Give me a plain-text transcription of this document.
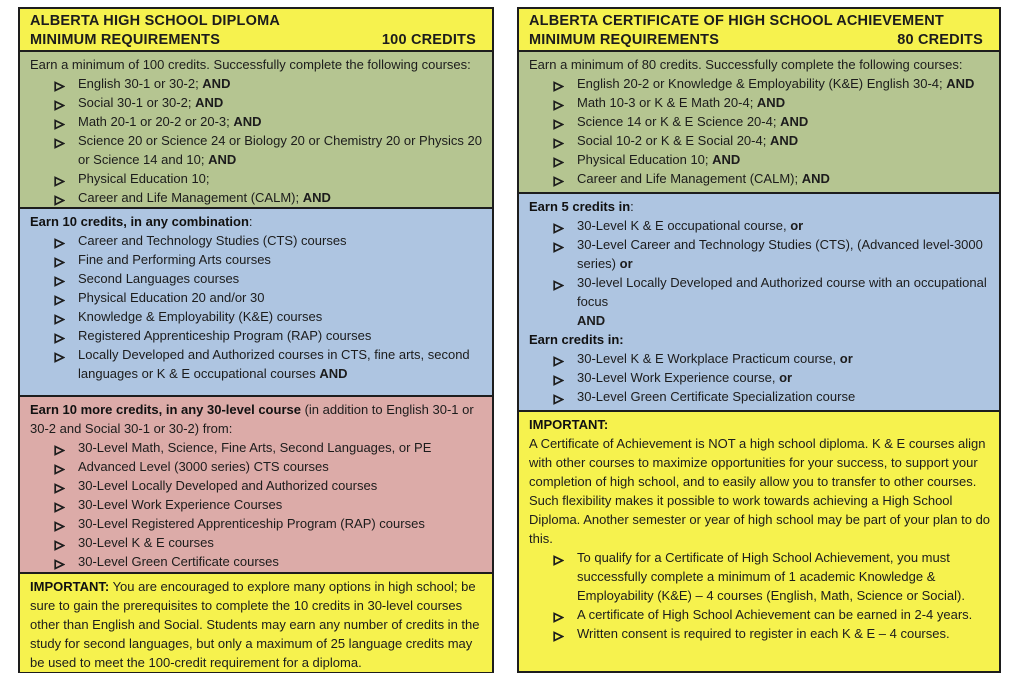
ALBERTA HIGH SCHOOL DIPLOMA
MINIMUM REQUIREMENTS	100 CREDITS
Earn a minimum of 100 credits. Successfully complete the following courses:
English 30-1 or 30-2; AND
Social 30-1 or 30-2; AND
Math 20-1 or 20-2 or 20-3; AND
Science 20 or Science 24 or Biology 20 or Chemistry 20 or Physics 20 or Science 14 and 10; AND
Physical Education 10;
Career and Life Management (CALM); AND
Earn 10 credits, in any combination:
Career and Technology Studies (CTS) courses
Fine and Performing Arts courses
Second Languages courses
Physical Education 20 and/or 30
Knowledge & Employability (K&E) courses
Registered Apprenticeship Program (RAP) courses
Locally Developed and Authorized courses in CTS, fine arts, second languages or K & E occupational courses AND
Earn 10 more credits, in any 30-level course (in addition to English 30-1 or 30-2 and Social 30-1 or 30-2) from:
30-Level Math, Science, Fine Arts, Second Languages, or PE
Advanced Level (3000 series) CTS courses
30-Level Locally Developed and Authorized courses
30-Level Work Experience Courses
30-Level Registered Apprenticeship Program (RAP) courses
30-Level K & E courses
30-Level Green Certificate courses
IMPORTANT: You are encouraged to explore many options in high school; be sure to gain the prerequisites to complete the 10 credits in 30-level courses other than English and Social. Students may earn any number of credits in the study for second languages, but only a maximum of 25 language credits may be used to meet the 100-credit requirement for a diploma.
ALBERTA CERTIFICATE OF HIGH SCHOOL ACHIEVEMENT
MINIMUM REQUIREMENTS	80 CREDITS
Earn a minimum of 80 credits. Successfully complete the following courses:
English 20-2 or Knowledge & Employability (K&E) English 30-4; AND
Math 10-3 or K & E Math 20-4; AND
Science 14 or K & E Science 20-4; AND
Social 10-2 or K & E Social 20-4; AND
Physical Education 10; AND
Career and Life Management (CALM); AND
Earn 5 credits in:
30-Level K & E occupational course, or
30-Level Career and Technology Studies (CTS), (Advanced level-3000 series) or
30-level Locally Developed and Authorized course with an occupational focus
AND
Earn credits in:
30-Level K & E Workplace Practicum course, or
30-Level Work Experience course, or
30-Level Green Certificate Specialization course
IMPORTANT:
A Certificate of Achievement is NOT a high school diploma. K & E courses align with other courses to maximize opportunities for your success, to support your completion of high school, and to easily allow you to transfer to other courses. Such flexibility makes it possible to work towards achieving a High School Diploma. Another semester or year of high school may be part of your plan to do this.
To qualify for a Certificate of High School Achievement, you must successfully complete a minimum of 1 academic Knowledge & Employability (K&E) – 4 courses (English, Math, Science or Social).
A certificate of High School Achievement can be earned in 2-4 years.
Written consent is required to register in each K & E – 4 courses.
